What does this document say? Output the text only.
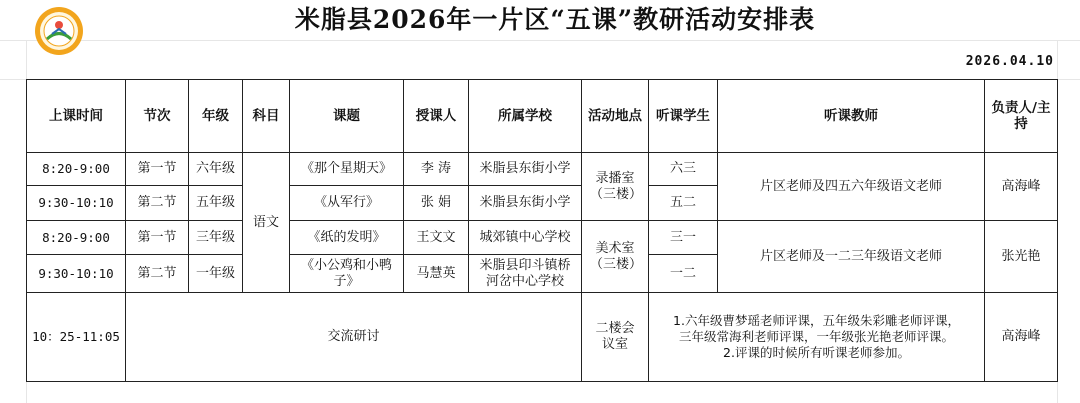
米脂县2026年一片区“五课”教研活动安排表
2026.04.10
上课时间	节次	年级	科目	课题	授课人	所属学校	活动地点	听课学生	听课教师	负责人/主持
8:20-9:00	第一节	六年级	语文	《那个星期天》	李 涛	米脂县东街小学	录播室（三楼）	六三	片区老师及四五六年级语文老师	高海峰
9:30-10:10	第二节	五年级		《从军行》	张 娟	米脂县东街小学		五二		
8:20-9:00	第一节	三年级		《纸的发明》	王文文	城郊镇中心学校	美术室（三楼）	三一	片区老师及一二三年级语文老师	张光艳
9:30-10:10	第二节	一年级		《小公鸡和小鸭子》	马慧英	米脂县印斗镇桥河岔中心学校		一二		
10：25-11:05	交流研讨						二楼会议室	1.六年级曹梦瑶老师评课，五年级朱彩雕老师评课，
三年级常海利老师评课，一年级张光艳老师评课。
2.评课的时候所有听课老师参加。		高海峰
